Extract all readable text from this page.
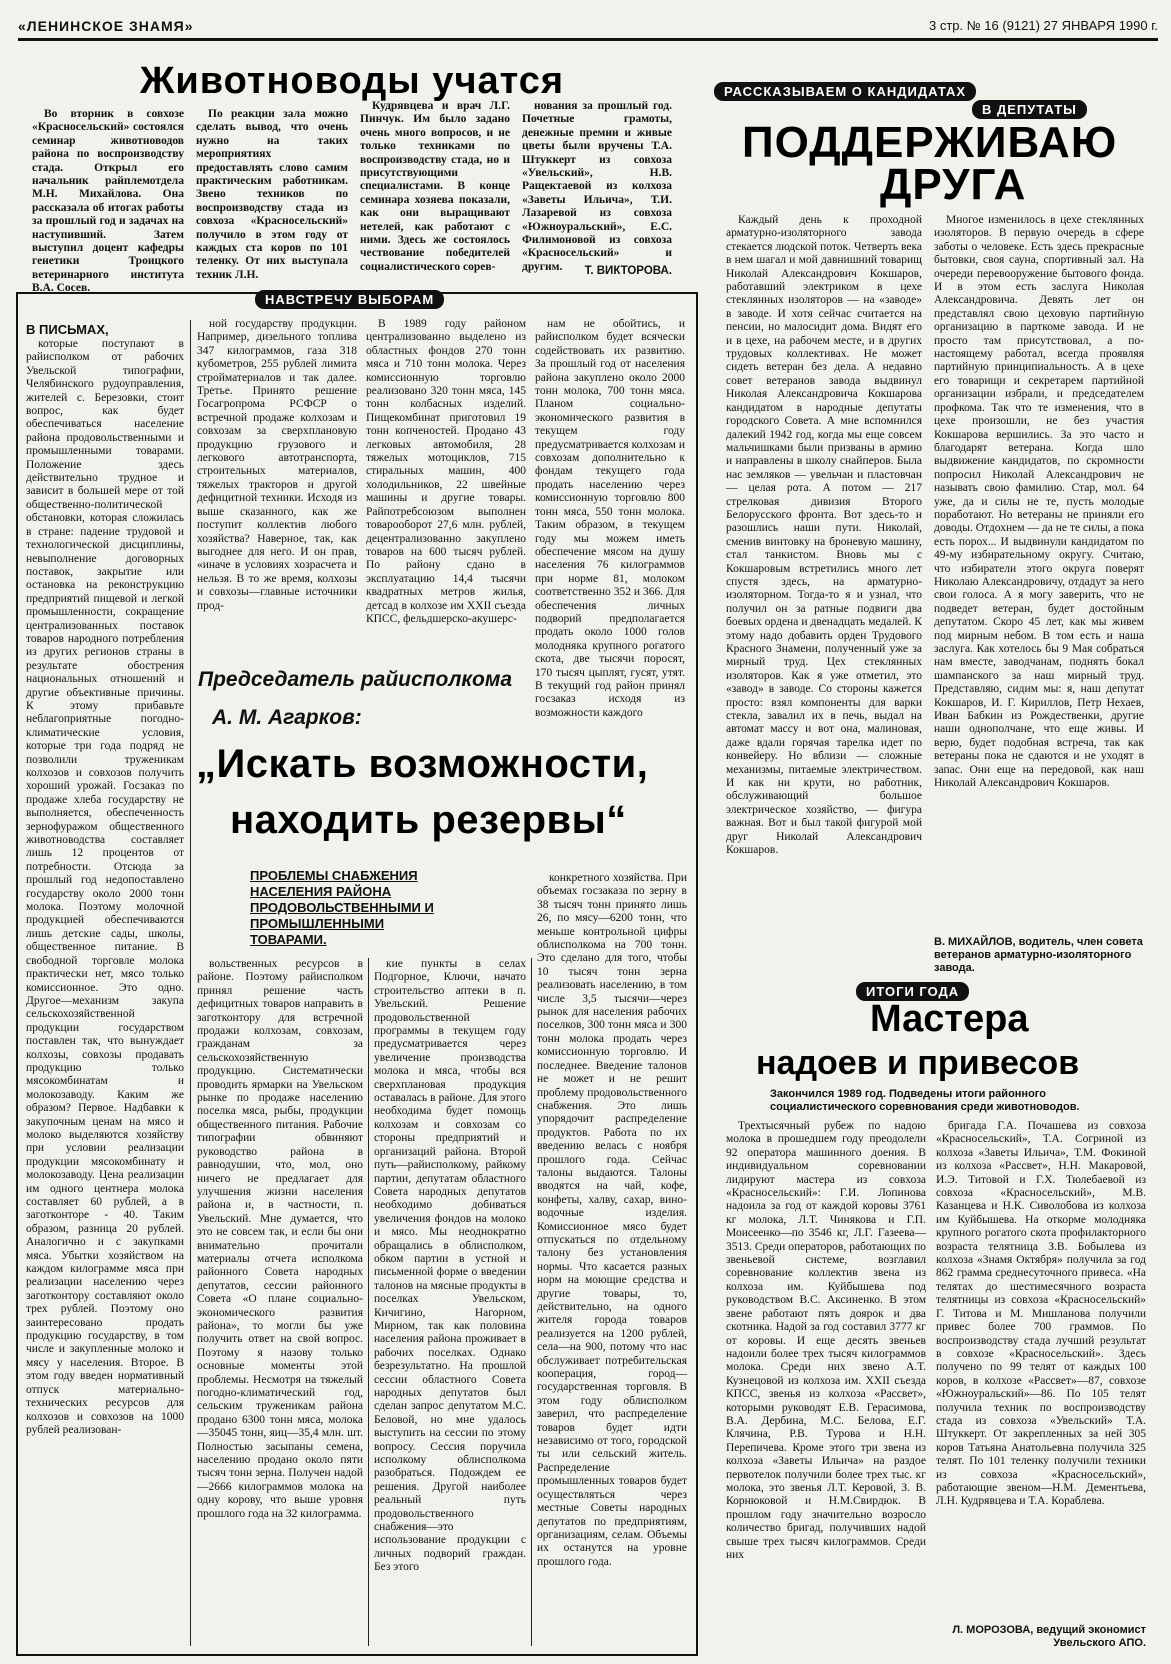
«ЛЕНИНСКОЕ ЗНАМЯ»	3 стр. № 16 (9121) 27 ЯНВАРЯ 1990 г.
Животноводы учатся

Во вторник в совхозе «Красносельский» состоялся семинар животноводов района по воспроизводству стада. Открыл его начальник райплемотдела М.Н. Михайлова. Она рассказала об итогах работы за прошлый год и задачах на наступивший. Затем выступил доцент кафедры генетики Троицкого ветеринарного института В.А. Сосев.

По реакции зала можно сделать вывод, что очень нужно на таких мероприятиях предоставлять слово самим практическим работникам. Звено техников по воспроизводству стада из совхоза «Красносельский» получило в этом году от каждых ста коров по 101 теленку. От них выступала техник Л.Н.

Кудрявцева и врач Л.Г. Пинчук. Им было задано очень много вопросов, и не только техниками по воспроизводству стада, но и присутствующими специалистами. В конце семинара хозяева показали, как они выращивают нетелей, как работают с ними. Здесь же состоялось чествование победителей социалистического сорев-

нования за прошлый год. Почетные грамоты, денежные премии и живые цветы были вручены Т.А. Штуккерт из совхоза «Увельский», Н.В. Ращектаевой из колхоза «Заветы Ильича», Т.И. Лазаревой из совхоза «Южноуральский», Е.С. Филимоновой из совхоза «Красносельский» и другим.	Т. ВИКТОРОВА.
НАВСТРЕЧУ ВЫБОРАМ
В ПИСЬМАХ,

которые поступают в райисполком от рабочих Увельской типографии, Челябинского рудоуправления, жителей с. Березовки, стоит вопрос, как будет обеспечиваться население района продовольственными и промышленными товарами. Положение здесь действительно трудное и зависит в большей мере от той общественно-политической обстановки, которая сложилась в стране: падение трудовой и технологической дисциплины, невыполнение договорных поставок, закрытие или остановка на реконструкцию предприятий пищевой и легкой промышленности, сокращение централизованных поставок товаров народного потребления из других регионов страны в результате обострения национальных отношений и другие объективные причины. К этому прибавьте неблагоприятные погодно-климатические условия, которые три года подряд не позволили труженикам колхозов и совхозов получить хороший урожай. Госзаказ по продаже хлеба государству не выполняется, обеспеченность зернофуражом общественного животноводства составляет лишь 12 процентов от потребности. Отсюда за прошлый год недопоставлено государству около 2000 тонн молока. Поэтому молочной продукцией обеспечиваются лишь детские сады, школы, общественное питание. В свободной торговле молока практически нет, мясо только комиссионное. Это одно. Другое—механизм закупа сельскохозяйственной продукции государством поставлен так, что вынуждает колхозы, совхозы продавать продукцию только мясокомбинатам и молокозаводу. Каким же образом? Первое. Надбавки к закупочным ценам на мясо и молоко выделяются хозяйству при условии реализации продукции мясокомбинату и молокозаводу. Цена реализации им одного центнера молока составляет 60 рублей, а в заготконторе - 40. Таким образом, разница 20 рублей. Аналогично и с закупками мяса. Убытки хозяйством на каждом килограмме мяса при реализации населению через заготконтору составляют около трех рублей. Поэтому оно заинтересовано продать продукцию государству, в том числе и закупленные молоко и мясу у населения. Второе. В этом году введен нормативный отпуск материально-технических ресурсов для колхозов и совхозов на 1000 рублей реализован-

ной государству продукции. Например, дизельного топлива 347 килограммов, газа 318 кубометров, 255 рублей лимита стройматериалов и так далее. Третье. Принято решение Госагропрома РСФСР о встречной продаже колхозам и совхозам за сверхплановую продукцию грузового и легкового автотранспорта, строительных материалов, тяжелых тракторов и другой дефицитной техники. Исходя из выше сказанного, как же поступит коллектив любого хозяйства? Наверное, так, как выгоднее для него. И он прав, «иначе в условиях хозрасчета и нельзя. В то же время, колхозы и совхозы—главные источники прод-

В 1989 году районом централизованно выделено из областных фондов 270 тонн мяса и 710 тонн молока. Через комиссионную торговлю реализовано 320 тонн мяса, 145 тонн колбасных изделий. Пищекомбинат приготовил 19 тонн копченостей. Продано 43 легковых автомобиля, 28 тяжелых мотоциклов, 715 стиральных машин, 400 холодильников, 22 швейные машины и другие товары. Райпотребсоюзом выполнен товарооборот 27,6 млн. рублей, децентрализованно закуплено товаров на 600 тысяч рублей. По району сдано в эксплуатацию 14,4 тысячи квадратных метров жилья, детсад в колхозе им XXII съезда КПСС, фельдшерско-акушерс-

нам не обойтись, и райисполком будет всячески содействовать их развитию. За прошлый год от населения района закуплено около 2000 тонн молока, 700 тонн мяса. Планом социально-экономического развития в текущем году предусматривается колхозам и совхозам дополнительно к фондам текущего года продать населению через комиссионную торговлю 800 тонн мяса, 550 тонн молока. Таким образом, в текущем году мы можем иметь обеспечение мясом на душу населения 76 килограммов при норме 81, молоком соответственно 352 и 366. Для обеспечения личных подворий предполагается продать около 1000 голов молодняка крупного рогатого скота, две тысячи поросят, 170 тысяч цыплят, гусят, утят. В текущий год район принял госзаказ исходя из возможности каждого

Председатель райисполкома
А. М. Агарков:
„Искать возможности,
находить резервы“
ПРОБЛЕМЫ СНАБЖЕНИЯ НАСЕЛЕНИЯ РАЙОНА ПРОДОВОЛЬСТВЕННЫМИ И ПРОМЫШЛЕННЫМИ ТОВАРАМИ.

вольственных ресурсов в районе. Поэтому райисполком принял решение часть дефицитных товаров направить в заготконтору для встречной продажи колхозам, совхозам, гражданам за сельскохозяйственную продукцию. Систематически проводить ярмарки на Увельском рынке по продаже населению поселка мяса, рыбы, продукции общественного питания. Рабочие типографии обвиняют руководство района в равнодушии, что, мол, оно ничего не предлагает для улучшения жизни населения района и, в частности, п. Увельский. Мне думается, что это не совсем так, и если бы они внимательно прочитали материалы отчета исполкома районного Совета народных депутатов, сессии районного Совета «О плане социально-экономического развития района», то могли бы уже получить ответ на свой вопрос. Поэтому я назову только основные моменты этой проблемы. Несмотря на тяжелый погодно-климатический год, сельским труженикам района продано 6300 тонн мяса, молока—35045 тонн, яиц—35,4 млн. шт. Полностью засыпаны семена, населению продано около пяти тысяч тонн зерна. Получен надой—2666 килограммов молока на одну корову, что выше уровня прошлого года на 32 килограмма.

кие пункты в селах Подгорное, Ключи, начато строительство аптеки в п. Увельский. Решение продовольственной программы в текущем году предусматривается через увеличение производства молока и мяса, чтобы вся сверхплановая продукция оставалась в районе. Для этого необходима будет помощь колхозам и совхозам со стороны предприятий и организаций района. Второй путь—райисполкому, райкому партии, депутатам областного Совета народных депутатов необходимо добиваться увеличения фондов на молоко и мясо. Мы неоднократно обращались в облисполком, обком партии в устной и письменной форме о введении талонов на мясные продукты в поселках Увельском, Кичигино, Нагорном, Мирном, так как половина населения района проживает в рабочих поселках. Однако безрезультатно. На прошлой сессии областного Совета народных депутатов был сделан запрос депутатом М.С. Беловой, но мне удалось выступить на сессии по этому вопросу. Сессия поручила исполкому облисполкома разобраться. Подождем ее решения. Другой наиболее реальный путь продовольственного снабжения—это использование продукции с личных подворий граждан. Без этого

конкретного хозяйства. При объемах госзаказа по зерну в 38 тысяч тонн принято лишь 26, по мясу—6200 тонн, что меньше контрольной цифры облисполкома на 700 тонн. Это сделано для того, чтобы 10 тысяч тонн зерна реализовать населению, в том числе 3,5 тысячи—через рынок для населения рабочих поселков, 300 тонн мяса и 300 тонн молока продать через комиссионную торговлю. И последнее. Введение талонов не может и не решит проблему продовольственного снабжения. Это лишь упорядочит распределение продуктов. Работа по их введению велась с ноября прошлого года. Сейчас талоны выдаются. Талоны вводятся на чай, кофе, конфеты, халву, сахар, вино-водочные изделия. Комиссионное мясо будет отпускаться по отдельному талону без установления нормы. Что касается разных норм на моющие средства и другие товары, то, действительно, на одного жителя города товаров реализуется на 1200 рублей, села—на 900, потому что нас обслуживает потребительская кооперация, город—государственная торговля. В этом году облисполком заверил, что распределение товаров будет идти независимо от того, городской ты или сельский житель. Распределение промышленных товаров будет осуществляться через местные Советы народных депутатов по предприятиям, организациям, селам. Объемы их останутся на уровне прошлого года.

РАССКАЗЫВАЕМ О КАНДИДАТАХ
В ДЕПУТАТЫ
ПОДДЕРЖИВАЮ
ДРУГА

Каждый день к проходной арматурно-изоляторного завода стекается людской поток. Четверть века в нем шагал и мой давнишний товарищ Николай Александрович Кокшаров, работавший электриком в цехе стеклянных изоляторов — на «заводе» в заводе. И хотя сейчас считается на пенсии, но малосидит дома. Видят его и в цехе, на рабочем месте, и в других трудовых коллективах. Не может сидеть ветеран без дела. А недавно совет ветеранов завода выдвинул Николая Александровича Кокшарова кандидатом в народные депутаты городского Совета. А мне вспомнился далекий 1942 год, когда мы еще совсем мальчишками были призваны в армию и направлены в школу снайперов. Была нас земляков — увельчан и пластовчан — целая рота. А потом — 217 стрелковая дивизия Второго Белорусского фронта. Вот здесь-то и разошлись наши пути. Николай, сменив винтовку на броневую машину, стал танкистом. Вновь мы с Кокшаровым встретились много лет спустя здесь, на арматурно-изоляторном. Тогда-то я и узнал, что получил он за ратные подвиги два боевых ордена и двенадцать медалей. К этому надо добавить орден Трудового Красного Знамени, полученный уже за мирный труд. Цех стеклянных изоляторов. Как я уже отметил, это «завод» в заводе. Со стороны кажется просто: взял компоненты для варки стекла, завалил их в печь, выдал на автомат массу и вот она, малиновая, даже вдали горячая тарелка идет по конвейеру. Но вблизи — сложные механизмы, питаемые электричеством. И как ни крути, но работник, обслуживающий большое электрическое хозяйство, — фигура важная. Вот и был такой фигурой мой друг Николай Александрович Кокшаров.

Многое изменилось в цехе стеклянных изоляторов. В первую очередь в сфере заботы о человеке. Есть здесь прекрасные бытовки, своя сауна, спортивный зал. На очереди перевооружение бытового фонда. И в этом есть заслуга Николая Александровича. Девять лет он представлял свою цеховую партийную организацию в парткоме завода. И не просто там присутствовал, а по-настоящему работал, всегда проявляя партийную принципиальность. А в цехе его товарищи и секретарем партийной организации избрали, и председателем профкома. Так что те изменения, что в цехе произошли, не без участия Кокшарова вершились. За это часто и благодарят ветерана. Когда шло выдвижение кандидатов, по скромности попросил Николай Александрович не называть свою фамилию. Стар, мол. 64 уже, да и силы не те, пусть молодые поработают. Но ветераны не приняли его доводы. Отдохнем — да не те силы, а пока есть порох... И выдвинули кандидатом по 49-му избирательному округу. Считаю, что избиратели этого округа поверят Николаю Александровичу, отдадут за него свои голоса. А я могу заверить, что не подведет ветеран, будет достойным депутатом. Скоро 45 лет, как мы живем под мирным небом. В том есть и наша заслуга. Как хотелось бы 9 Мая собраться нам вместе, заводчанам, поднять бокал шампанского за наш мирный труд. Представляю, сидим мы: я, наш депутат Кокшаров, И. Г. Кириллов, Петр Нехаев, Иван Бабкин из Рождественки, другие наши однополчане, что еще живы. И верю, будет подобная встреча, так как ветераны пока не сдаются и не уходят в запас. Они еще на передовой, как наш Николай Александрович Кокшаров.

В. МИХАЙЛОВ, водитель, член совета ветеранов арматурно-изоляторного завода.
ИТОГИ ГОДА
Мастера
надоев и привесов
Закончился 1989 год. Подведены итоги районного социалистического соревнования среди животноводов.

Трехтысячный рубеж по надою молока в прошедшем году преодолели 92 оператора машинного доения. В индивидуальном соревновании лидируют мастера из совхоза «Красносельский»: Г.И. Лопинова надоила за год от каждой коровы 3761 кг молока, Л.Т. Чинякова и Г.П. Моисеенко—по 3546 кг, Л.Г. Газеева—3513. Среди операторов, работающих по звеньевой системе, возглавил соревнование коллектив звена из колхоза им. Куйбышева под руководством В.С. Аксиненко. В этом звене работают пять доярок и два скотника. Надой за год составил 3777 кг от коровы. И еще десять звеньев надоили более трех тысяч килограммов молока. Среди них звено А.Т. Кузнецовой из колхоза им. XXII съезда КПСС, звенья из колхоза «Рассвет», которыми руководят Е.В. Герасимова, В.А. Дербина, М.С. Белова, Е.Г. Клячина, Р.В. Турова и Н.Н. Перепичева. Кроме этого три звена из колхоза «Заветы Ильича» на раздое первотелок получили более трех тыс. кг молока, это звенья Л.Т. Керовой, З. В. Корнюковой и Н.М.Свирдюк. В прошлом году значительно возросло количество бригад, получивших надой свыше трех тысяч килограммов. Среди них

бригада Г.А. Почашева из совхоза «Красносельский», Т.А. Согриной из колхоза «Заветы Ильича», Т.М. Фокиной из колхоза «Рассвет», Н.Н. Макаровой, И.Э. Титовой и Г.Х. Тюлебаевой из совхоза «Красносельский», М.В. Казанцева и Н.К. Сиволобова из колхоза им Куйбышева. На откорме молодняка крупного рогатого скота профилакторного возраста телятница З.В. Бобылева из колхоза «Знамя Октября» получила за год 862 грамма среднесуточного привеса. «На телятах до шестимесячного возраста телятницы из совхоза «Красносельский» Г. Титова и М. Мишланова получили привес более 700 граммов. По воспроизводству стада лучший результат в совхозе «Красносельский». Здесь получено по 99 телят от каждых 100 коров, в колхозе «Рассвет»—87, совхозе «Южноуральский»—86. По 105 телят получила техник по воспроизводству стада из совхоза «Увельский» Т.А. Штуккерт. От закрепленных за ней 305 коров Татьяна Анатольевна получила 325 телят. По 101 теленку получили техники из совхоза «Красносельский», работающие звеном—Н.М. Дементьева, Л.Н. Кудрявцева и Т.А. Кораблева.

Л. МОРОЗОВА, ведущий экономист Увельского АПО.
